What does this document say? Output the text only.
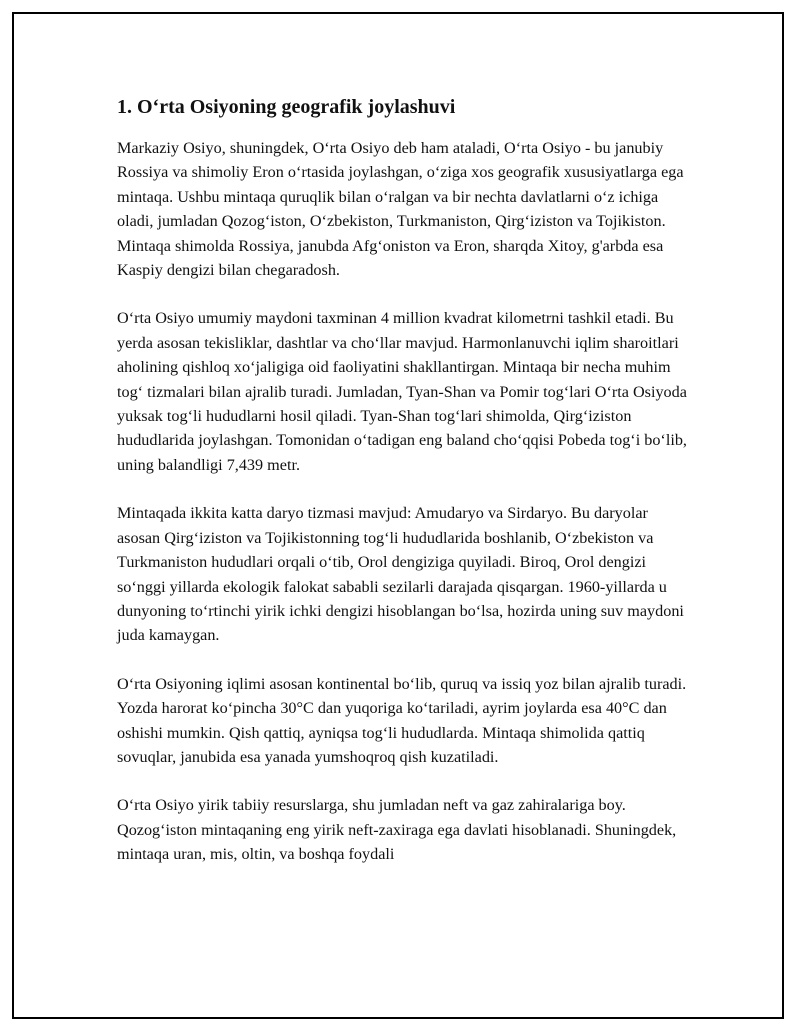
1. O‘rta Osiyoning geografik joylashuvi

Markaziy Osiyo, shuningdek, O‘rta Osiyo deb ham ataladi, O‘rta Osiyo - bu janubiy Rossiya va shimoliy Eron o‘rtasida joylashgan, o‘ziga xos geografik xususiyatlarga ega mintaqa. Ushbu mintaqa quruqlik bilan o‘ralgan va bir nechta davlatlarni o‘z ichiga oladi, jumladan Qozog‘iston, O‘zbekiston, Turkmaniston, Qirg‘iziston va Tojikiston. Mintaqa shimolda Rossiya, janubda Afg‘oniston va Eron, sharqda Xitoy, g'arbda esa Kaspiy dengizi bilan chegaradosh.

O‘rta Osiyo umumiy maydoni taxminan 4 million kvadrat kilometrni tashkil etadi. Bu yerda asosan tekisliklar, dashtlar va cho‘llar mavjud. Harmonlanuvchi iqlim sharoitlari aholining qishloq xo‘jaligiga oid faoliyatini shakllantirgan. Mintaqa bir necha muhim tog‘ tizmalari bilan ajralib turadi. Jumladan, Tyan-Shan va Pomir tog‘lari O‘rta Osiyoda yuksak tog‘li hududlarni hosil qiladi. Tyan-Shan tog‘lari shimolda, Qirg‘iziston hududlarida joylashgan. Tomonidan o‘tadigan eng baland cho‘qqisi Pobeda tog‘i bo‘lib, uning balandligi 7,439 metr.

Mintaqada ikkita katta daryo tizmasi mavjud: Amudaryo va Sirdaryo. Bu daryolar asosan Qirg‘iziston va Tojikistonning tog‘li hududlarida boshlanib, O‘zbekiston va Turkmaniston hududlari orqali o‘tib, Orol dengiziga quyiladi. Biroq, Orol dengizi so‘nggi yillarda ekologik falokat sababli sezilarli darajada qisqargan. 1960-yillarda u dunyoning to‘rtinchi yirik ichki dengizi hisoblangan bo‘lsa, hozirda uning suv maydoni juda kamaygan.

O‘rta Osiyoning iqlimi asosan kontinental bo‘lib, quruq va issiq yoz bilan ajralib turadi. Yozda harorat ko‘pincha 30°C dan yuqoriga ko‘tariladi, ayrim joylarda esa 40°C dan oshishi mumkin. Qish qattiq, ayniqsa tog‘li hududlarda. Mintaqa shimolida qattiq sovuqlar, janubida esa yanada yumshoqroq qish kuzatiladi.

O‘rta Osiyo yirik tabiiy resurslarga, shu jumladan neft va gaz zahiralariga boy. Qozog‘iston mintaqaning eng yirik neft-zaxiraga ega davlati hisoblanadi. Shuningdek, mintaqa uran, mis, oltin, va boshqa foydali
